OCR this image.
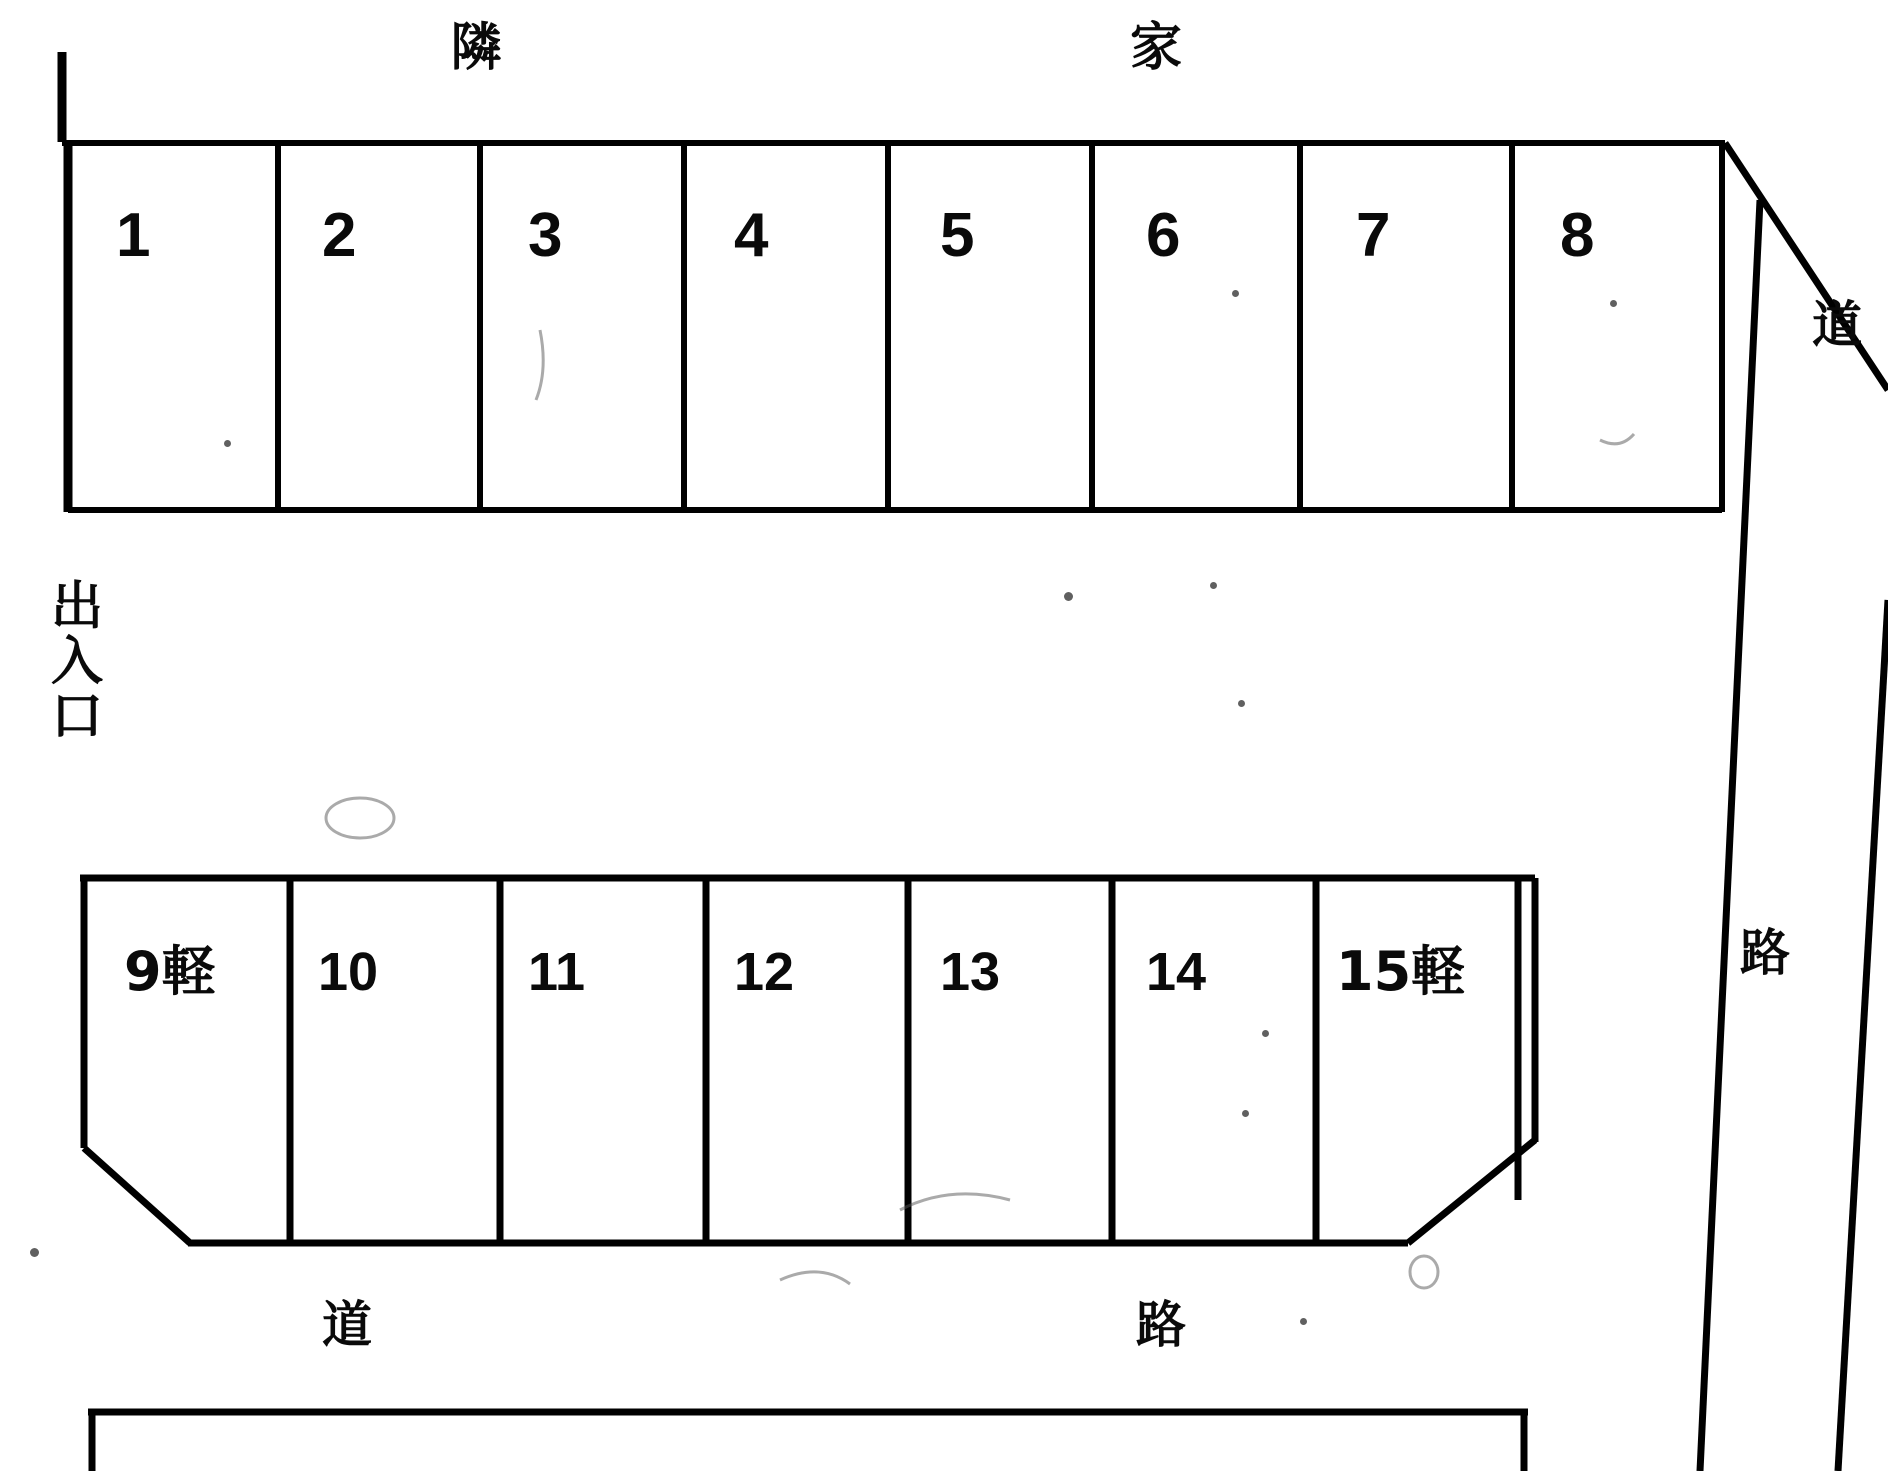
隣	家
出入口
道
路
道	路
1	2	3	4	5	6	7	8
9軽 10	11	12	13	14 15軽
